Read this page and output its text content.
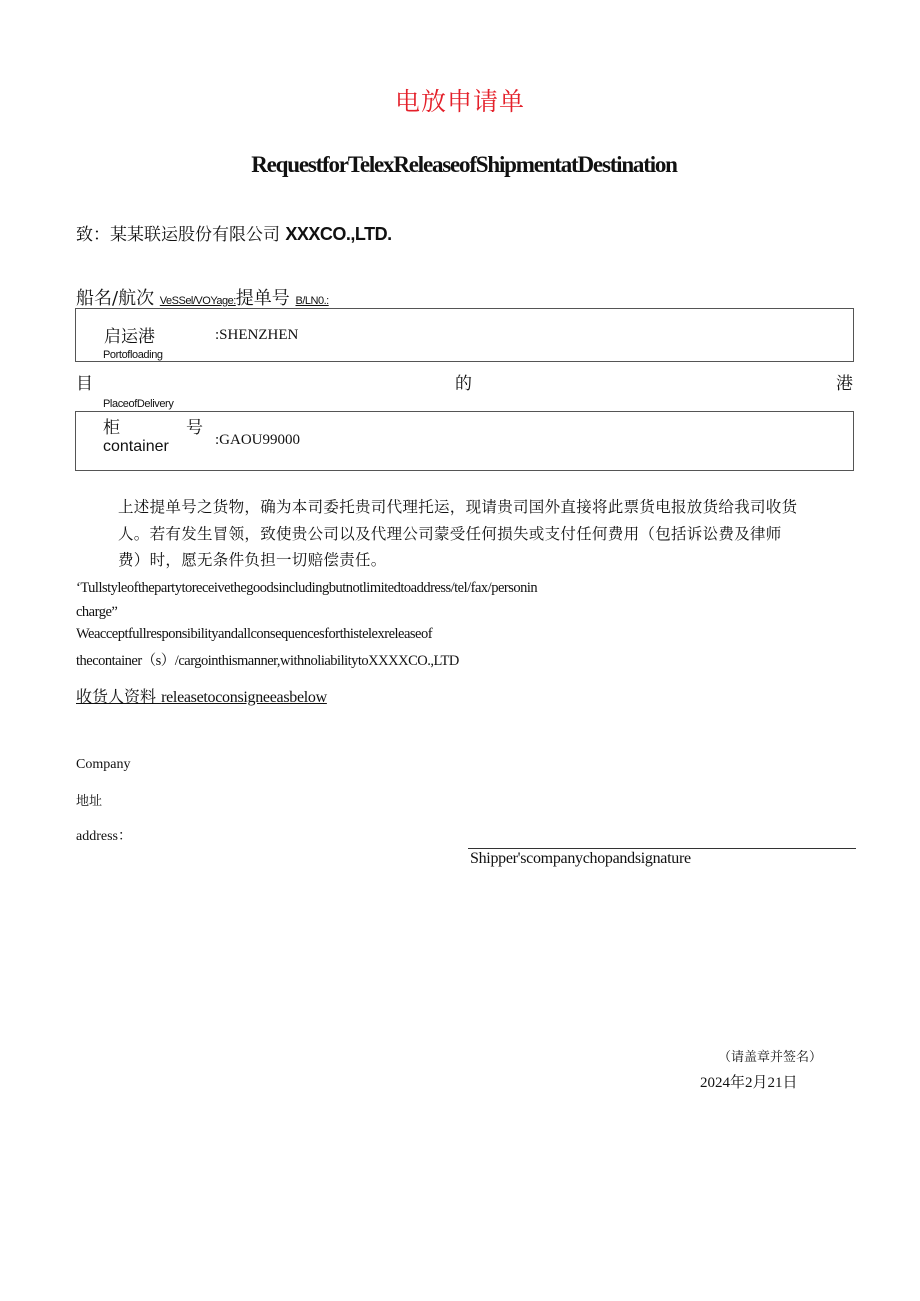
电放申请单
RequestforTelexReleaseofShipmentatDestination
致：某某联运股份有限公司 XXXCO.,LTD.
船名/航次 VeSSel/VOYage:提单号 B/LN0.:
启运港
Portofloading
:SHENZHEN
目	的	港
PlaceofDelivery
柜	号
container	:GAOU99000
上述提单号之货物，确为本司委托贵司代理托运，现请贵司国外直接将此票货电报放货给我司收货
人。若有发生冒领，致使贵公司以及代理公司蒙受任何损失或支付任何费用（包括诉讼费及律师
费）时，愿无条件负担一切赔偿责任。
‘Tullstyleofthepartytoreceivethegoodsincludingbutnotlimitedtoaddress/tel/fax/personin
charge”
Weacceptfullresponsibilityandallconsequencesforthistelexreleaseof
thecontainer（s）/cargointhismanner,withnoliabilitytoXXXXCO.,LTD
收货人资料 releasetoconsigneeasbelow
Company
地址
address：
Shipper'scompanychopandsignature
（请盖章并签名）
2024年2月21日
